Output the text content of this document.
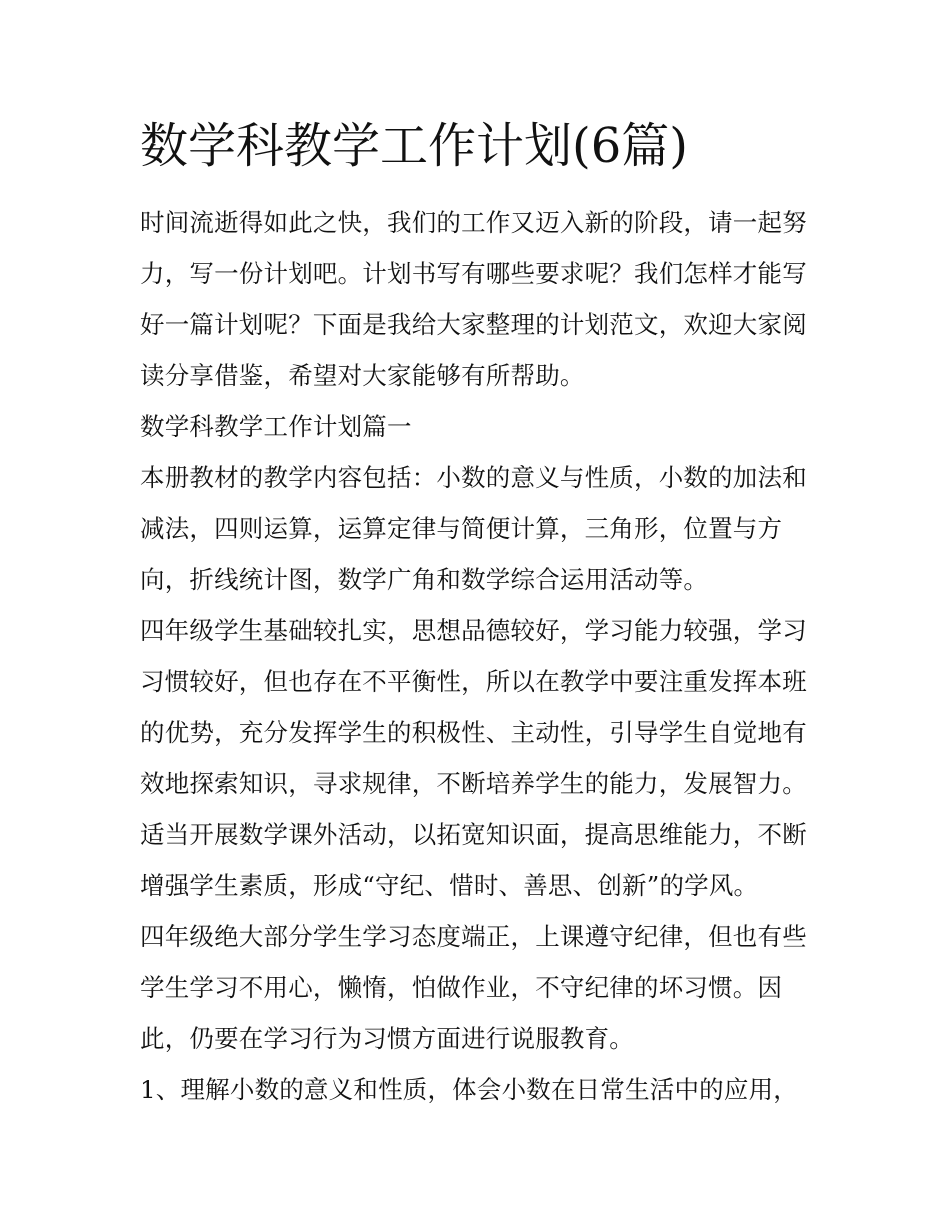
数学科教学工作计划(6篇)

时间流逝得如此之快，我们的工作又迈入新的阶段，请一起努力，写一份计划吧。计划书写有哪些要求呢？我们怎样才能写好一篇计划呢？下面是我给大家整理的计划范文，欢迎大家阅读分享借鉴，希望对大家能够有所帮助。

数学科教学工作计划篇一

本册教材的教学内容包括：小数的意义与性质，小数的加法和减法，四则运算，运算定律与简便计算，三角形，位置与方向，折线统计图，数学广角和数学综合运用活动等。

四年级学生基础较扎实，思想品德较好，学习能力较强，学习习惯较好，但也存在不平衡性，所以在教学中要注重发挥本班的优势，充分发挥学生的积极性、主动性，引导学生自觉地有效地探索知识，寻求规律，不断培养学生的能力，发展智力。

适当开展数学课外活动，以拓宽知识面，提高思维能力，不断增强学生素质，形成“守纪、惜时、善思、创新”的学风。

四年级绝大部分学生学习态度端正，上课遵守纪律，但也有些学生学习不用心，懒惰，怕做作业，不守纪律的坏习惯。因此，仍要在学习行为习惯方面进行说服教育。

1、理解小数的意义和性质，体会小数在日常生活中的应用，
